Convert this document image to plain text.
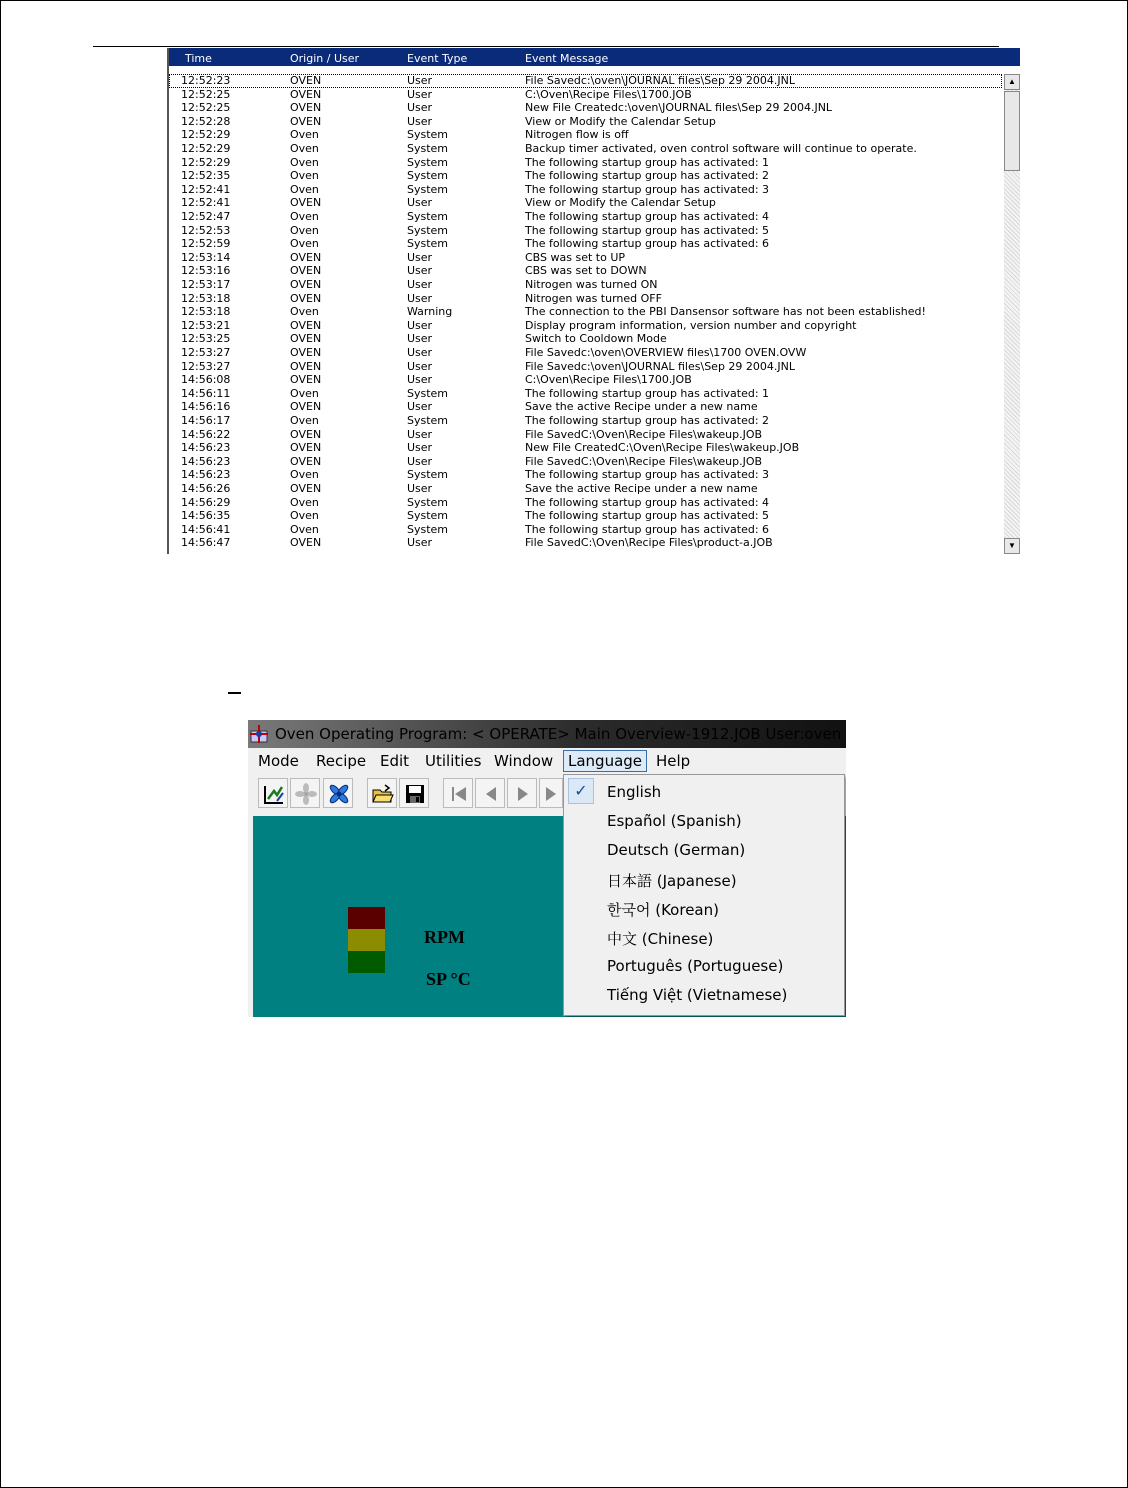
Time	Origin / User	Event Type	Event Message
12:52:23	OVEN	User	File Savedc:\oven\JOURNAL files\Sep 29 2004.JNL
12:52:25	OVEN	User	C:\Oven\Recipe Files\1700.JOB
12:52:25	OVEN	User	New File Createdc:\oven\JOURNAL files\Sep 29 2004.JNL
12:52:28	OVEN	User	View or Modify the Calendar Setup
12:52:29	Oven	System	Nitrogen flow is off
12:52:29	Oven	System	Backup timer activated, oven control software will continue to operate.
12:52:29	Oven	System	The following startup group has activated: 1
12:52:35	Oven	System	The following startup group has activated: 2
12:52:41	Oven	System	The following startup group has activated: 3
12:52:41	OVEN	User	View or Modify the Calendar Setup
12:52:47	Oven	System	The following startup group has activated: 4
12:52:53	Oven	System	The following startup group has activated: 5
12:52:59	Oven	System	The following startup group has activated: 6
12:53:14	OVEN	User	CBS was set to UP
12:53:16	OVEN	User	CBS was set to DOWN
12:53:17	OVEN	User	Nitrogen was turned ON
12:53:18	OVEN	User	Nitrogen was turned OFF
12:53:18	Oven	Warning	The connection to the PBI Dansensor software has not been established!
12:53:21	OVEN	User	Display program information, version number and copyright
12:53:25	OVEN	User	Switch to Cooldown Mode
12:53:27	OVEN	User	File Savedc:\oven\OVERVIEW files\1700 OVEN.OVW
12:53:27	OVEN	User	File Savedc:\oven\JOURNAL files\Sep 29 2004.JNL
14:56:08	OVEN	User	C:\Oven\Recipe Files\1700.JOB
14:56:11	Oven	System	The following startup group has activated: 1
14:56:16	OVEN	User	Save the active Recipe under a new name
14:56:17	Oven	System	The following startup group has activated: 2
14:56:22	OVEN	User	File SavedC:\Oven\Recipe Files\wakeup.JOB
14:56:23	OVEN	User	New File CreatedC:\Oven\Recipe Files\wakeup.JOB
14:56:23	OVEN	User	File SavedC:\Oven\Recipe Files\wakeup.JOB
14:56:23	Oven	System	The following startup group has activated: 3
14:56:26	OVEN	User	Save the active Recipe under a new name
14:56:29	Oven	System	The following startup group has activated: 4
14:56:35	Oven	System	The following startup group has activated: 5
14:56:41	Oven	System	The following startup group has activated: 6
14:56:47	OVEN	User	File SavedC:\Oven\Recipe Files\product-a.JOB
▲
▼
Oven Operating Program: < OPERATE> Main Overview-1912.JOB User:oven
Mode Recipe Edit Utilities Window Language Help
RPM
SP °C
✓	English
Español (Spanish)
Deutsch (German)
日本語 (Japanese)
한국어 (Korean)
中文 (Chinese)
Português (Portuguese)
Tiếng Việt (Vietnamese)
